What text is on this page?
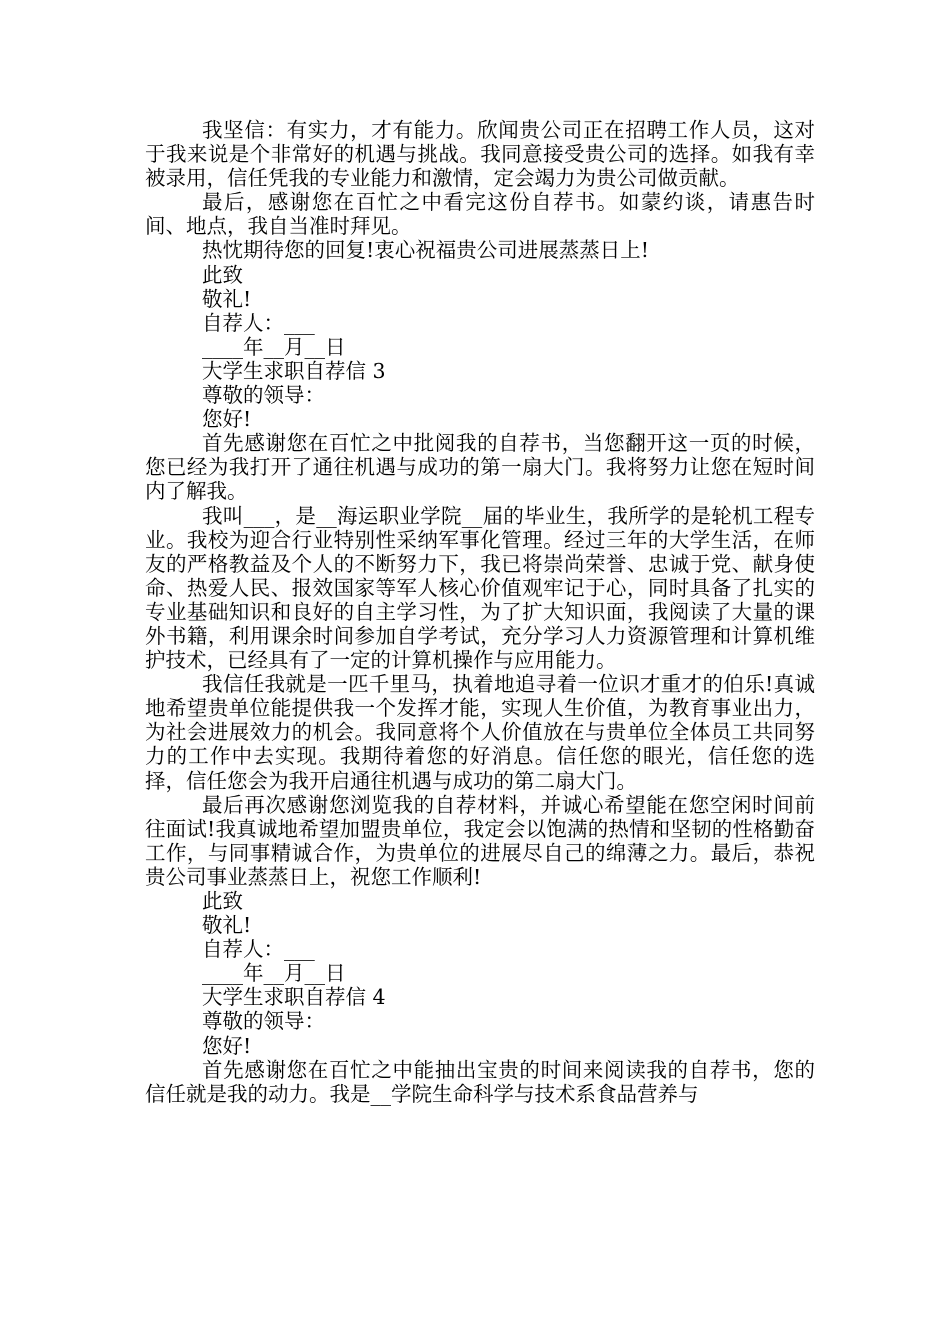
我坚信：有实力，才有能力。欣闻贵公司正在招聘工作人员，这对于我来说是个非常好的机遇与挑战。我同意接受贵公司的选择。如我有幸被录用，信任凭我的专业能力和激情，定会竭力为贵公司做贡献。

最后，感谢您在百忙之中看完这份自荐书。如蒙约谈，请惠告时间、地点，我自当准时拜见。

热忱期待您的回复!衷心祝福贵公司进展蒸蒸日上!

此致

敬礼!

自荐人：___

____年__月__日

大学生求职自荐信 3

尊敬的领导：

您好!

首先感谢您在百忙之中批阅我的自荐书，当您翻开这一页的时候，您已经为我打开了通往机遇与成功的第一扇大门。我将努力让您在短时间内了解我。

我叫___，是__海运职业学院__届的毕业生，我所学的是轮机工程专业。我校为迎合行业特别性采纳军事化管理。经过三年的大学生活，在师友的严格教益及个人的不断努力下，我已将崇尚荣誉、忠诚于党、献身使命、热爱人民、报效国家等军人核心价值观牢记于心，同时具备了扎实的专业基础知识和良好的自主学习性，为了扩大知识面，我阅读了大量的课外书籍，利用课余时间参加自学考试，充分学习人力资源管理和计算机维护技术，已经具有了一定的计算机操作与应用能力。

我信任我就是一匹千里马，执着地追寻着一位识才重才的伯乐!真诚地希望贵单位能提供我一个发挥才能，实现人生价值，为教育事业出力，为社会进展效力的机会。我同意将个人价值放在与贵单位全体员工共同努力的工作中去实现。我期待着您的好消息。信任您的眼光，信任您的选择，信任您会为我开启通往机遇与成功的第二扇大门。

最后再次感谢您浏览我的自荐材料，并诚心希望能在您空闲时间前往面试!我真诚地希望加盟贵单位，我定会以饱满的热情和坚韧的性格勤奋工作，与同事精诚合作，为贵单位的进展尽自己的绵薄之力。最后，恭祝贵公司事业蒸蒸日上，祝您工作顺利!

此致

敬礼!

自荐人：___

____年__月__日

大学生求职自荐信 4

尊敬的领导：

您好!

首先感谢您在百忙之中能抽出宝贵的时间来阅读我的自荐书，您的信任就是我的动力。我是__学院生命科学与技术系食品营养与
